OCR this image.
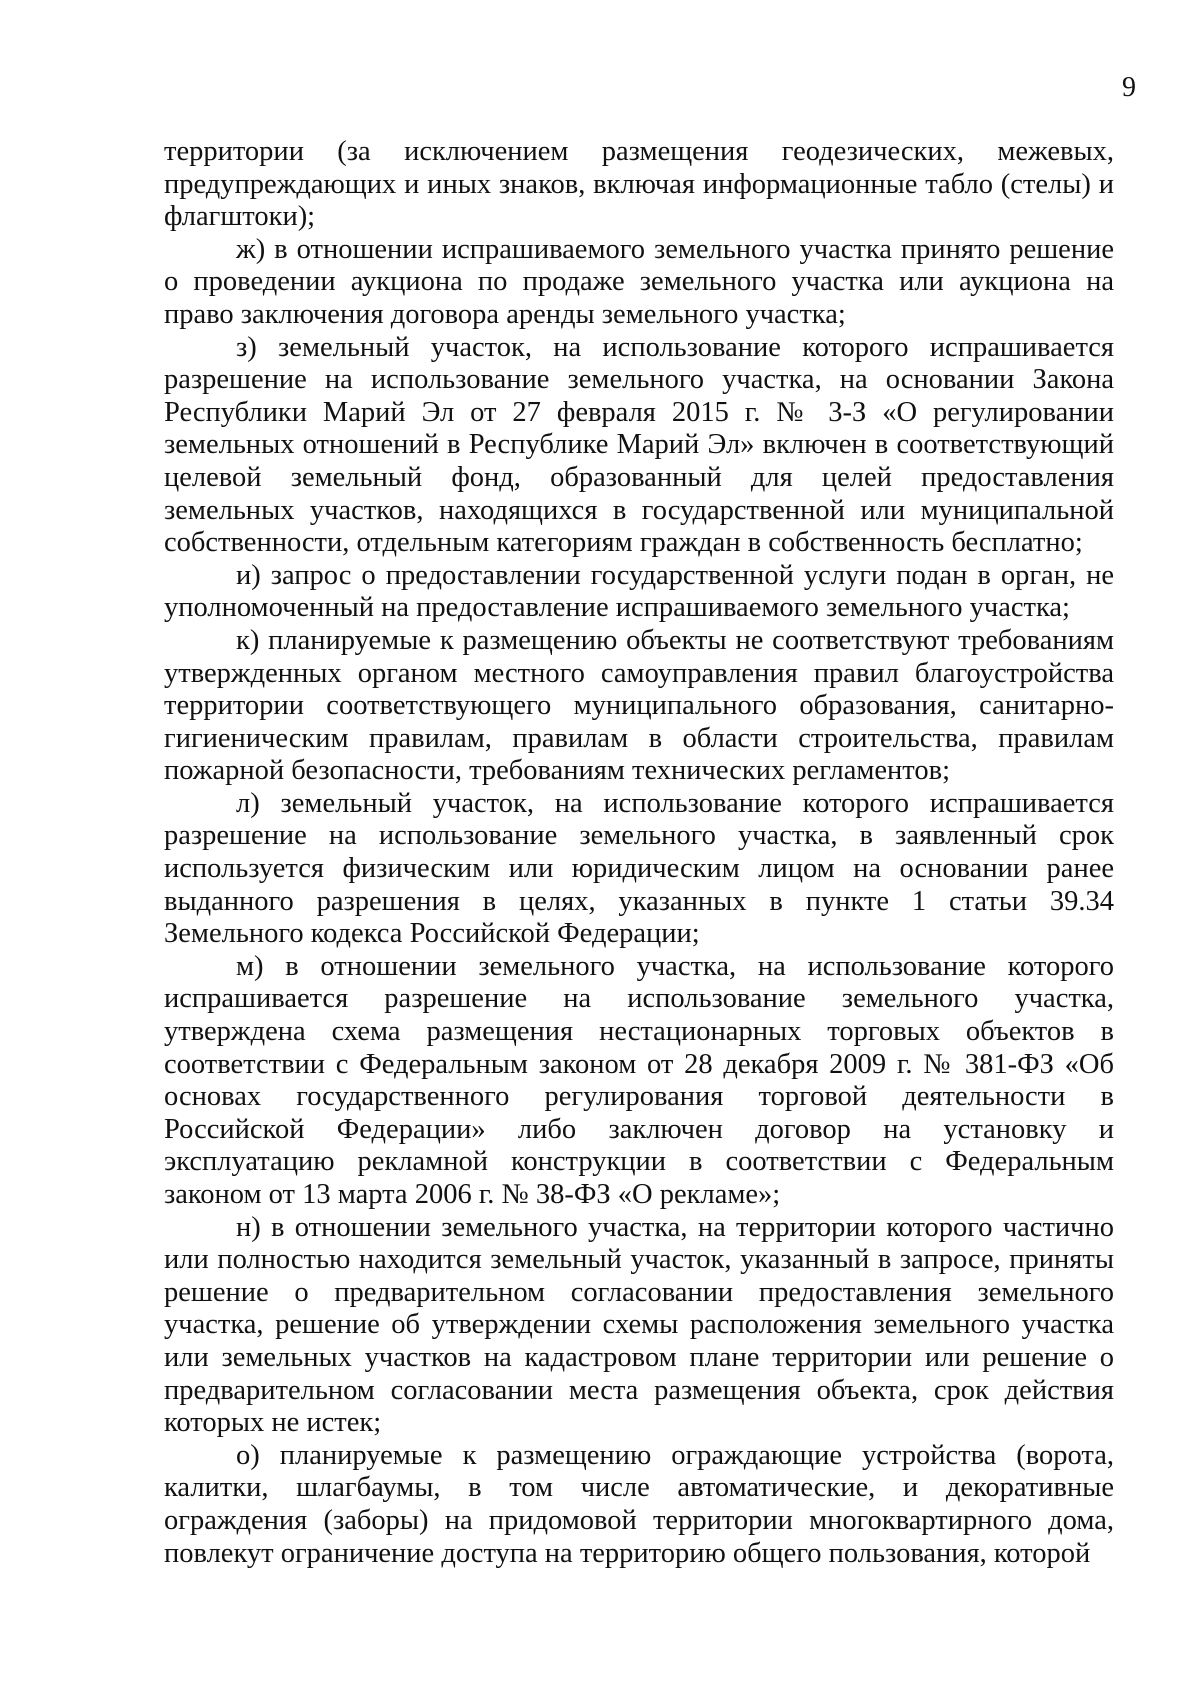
9

территории (за исключением размещения геодезических, межевых, предупреждающих и иных знаков, включая информационные табло (стелы) и флагштоки);

ж) в отношении испрашиваемого земельного участка принято решение о проведении аукциона по продаже земельного участка или аукциона на право заключения договора аренды земельного участка;

з) земельный участок, на использование которого испрашивается разрешение на использование земельного участка, на основании Закона Республики Марий Эл от 27 февраля 2015 г. № 3-З «О регулировании земельных отношений в Республике Марий Эл» включен в соответствующий целевой земельный фонд, образованный для целей предоставления земельных участков, находящихся в государственной или муниципальной собственности, отдельным категориям граждан в собственность бесплатно;

и) запрос о предоставлении государственной услуги подан в орган, не уполномоченный на предоставление испрашиваемого земельного участка;

к) планируемые к размещению объекты не соответствуют требованиям утвержденных органом местного самоуправления правил благоустройства территории соответствующего муниципального образования, санитарно-гигиеническим правилам, правилам в области строительства, правилам пожарной безопасности, требованиям технических регламентов;

л) земельный участок, на использование которого испрашивается разрешение на использование земельного участка, в заявленный срок используется физическим или юридическим лицом на основании ранее выданного разрешения в целях, указанных в пункте 1 статьи 39.34 Земельного кодекса Российской Федерации;

м) в отношении земельного участка, на использование которого испрашивается разрешение на использование земельного участка, утверждена схема размещения нестационарных торговых объектов в соответствии с Федеральным законом от 28 декабря 2009 г. № 381-ФЗ «Об основах государственного регулирования торговой деятельности в Российской Федерации» либо заключен договор на установку и эксплуатацию рекламной конструкции в соответствии с Федеральным законом от 13 марта 2006 г. № 38-ФЗ «О рекламе»;

н) в отношении земельного участка, на территории которого частично или полностью находится земельный участок, указанный в запросе, приняты решение о предварительном согласовании предоставления земельного участка, решение об утверждении схемы расположения земельного участка или земельных участков на кадастровом плане территории или решение о предварительном согласовании места размещения объекта, срок действия которых не истек;

о) планируемые к размещению ограждающие устройства (ворота, калитки, шлагбаумы, в том числе автоматические, и декоративные ограждения (заборы) на придомовой территории многоквартирного дома, повлекут ограничение доступа на территорию общего пользования, которой
